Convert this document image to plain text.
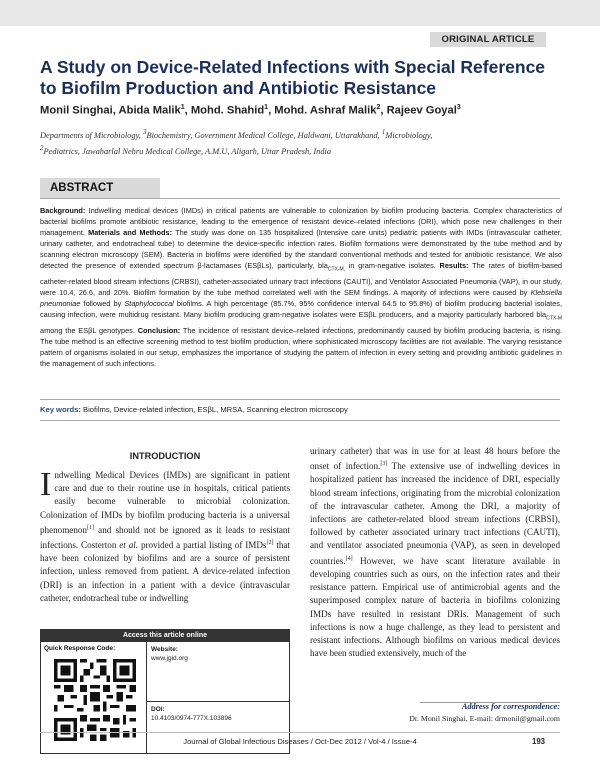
ORIGINAL ARTICLE
A Study on Device-Related Infections with Special Reference to Biofilm Production and Antibiotic Resistance
Monil Singhai, Abida Malik$^1$, Mohd. Shahid$^1$, Mohd. Ashraf Malik$^2$, Rajeev Goyal$^3$
Departments of Microbiology, $^3$Biochemistry, Government Medical College, Haldwani, Uttarakhand, $^1$Microbiology,
$^2$Pediatrics, Jawaharlal Nehru Medical College, A.M.U, Aligarh, Uttar Pradesh, India
ABSTRACT
Background: Indwelling medical devices (IMDs) in critical patients are vulnerable to colonization by biofilm producing bacteria. Complex characteristics of bacterial biofilms promote antibiotic resistance, leading to the emergence of resistant device–related infections (DRI), which pose new challenges in their management. Materials and Methods: The study was done on 135 hospitalized (Intensive care units) pediatric patients with IMDs (intravascular catheter, urinary catheter, and endotracheal tube) to determine the device-specific infection rates. Biofilm formations were demonstrated by the tube method and by scanning electron microscopy (SEM). Bacteria in biofilms were identified by the standard conventional methods and tested for antibiotic resistance. We also detected the presence of extended spectrum β-lactamases (ESβLs), particularly, bla$_{CTX-M,}$ in gram-negative isolates. Results: The rates of biofilm-based catheter-related blood stream infections (CRBSI), catheter-associated urinary tract infections (CAUTI), and Ventilator Associated Pneumonia (VAP), in our study, were 10.4, 26.6, and 20%. Biofilm formation by the tube method correlated well with the SEM findings. A majority of infections were caused by Klebsiella pneumoniae followed by Staphylococcal biofilms. A high percentage (85.7%, 95% confidence interval 64.5 to 95.8%) of biofilm producing bacterial isolates, causing infection, were multidrug resistant. Many biofilm producing gram-negative isolates were ESβL producers, and a majority particularly harbored bla$_{CTX-M}$ among the ESβL genotypes. Conclusion: The incidence of resistant device–related infections, predominantly caused by biofilm producing bacteria, is rising. The tube method is an effective screening method to test biofilm production, where sophisticated microscopy facilities are not available. The varying resistance pattern of organisms isolated in our setup, emphasizes the importance of studying the pattern of infection in every setting and providing antibiotic guidelines in the management of such infections.
Key words: Biofilms, Device-related infection, ESβL, MRSA, Scanning electron microscopy
INTRODUCTION
Indwelling Medical Devices (IMDs) are significant in patient care and due to their routine use in hospitals, critical patients easily become vulnerable to microbial colonization. Colonization of IMDs by biofilm producing bacteria is a universal phenomenon[1] and should not be ignored as it leads to resistant infections. Costerton et al. provided a partial listing of IMDs[2] that have been colonized by biofilms and are a source of persistent infection, unless removed from patient. A device-related infection (DRI) is an infection in a patient with a device (intravascular catheter, endotracheal tube or indwelling
urinary catheter) that was in use for at least 48 hours before the onset of infection.[3] The extensive use of indwelling devices in hospitalized patient has increased the incidence of DRI, especially blood stream infections, originating from the microbial colonization of the intravascular catheter. Among the DRI, a majority of infections are catheter-related blood stream infections (CRBSI), followed by catheter associated urinary tract infections (CAUTI), and ventilator associated pneumonia (VAP), as seen in developed countries.[4] However, we have scant literature available in developing countries such as ours, on the infection rates and their resistance pattern. Empirical use of antimicrobial agents and the superimposed complex nature of bacteria in biofilms colonizing IMDs have resulted in resistant DRIs. Management of such infections is now a huge challenge, as they lead to persistent and resistant infections. Although biofilms on various medical devices have been studied extensively, much of the
Access this article online
Quick Response Code:	Website:
www.jgid.org
DOI:
10.4103/0974-777X.103896
Address for correspondence:
Dr. Monil Singhai, E-mail: drmonil@gmail.com
Journal of Global Infectious Diseases / Oct-Dec 2012 / Vol-4 / Issue-4	193
